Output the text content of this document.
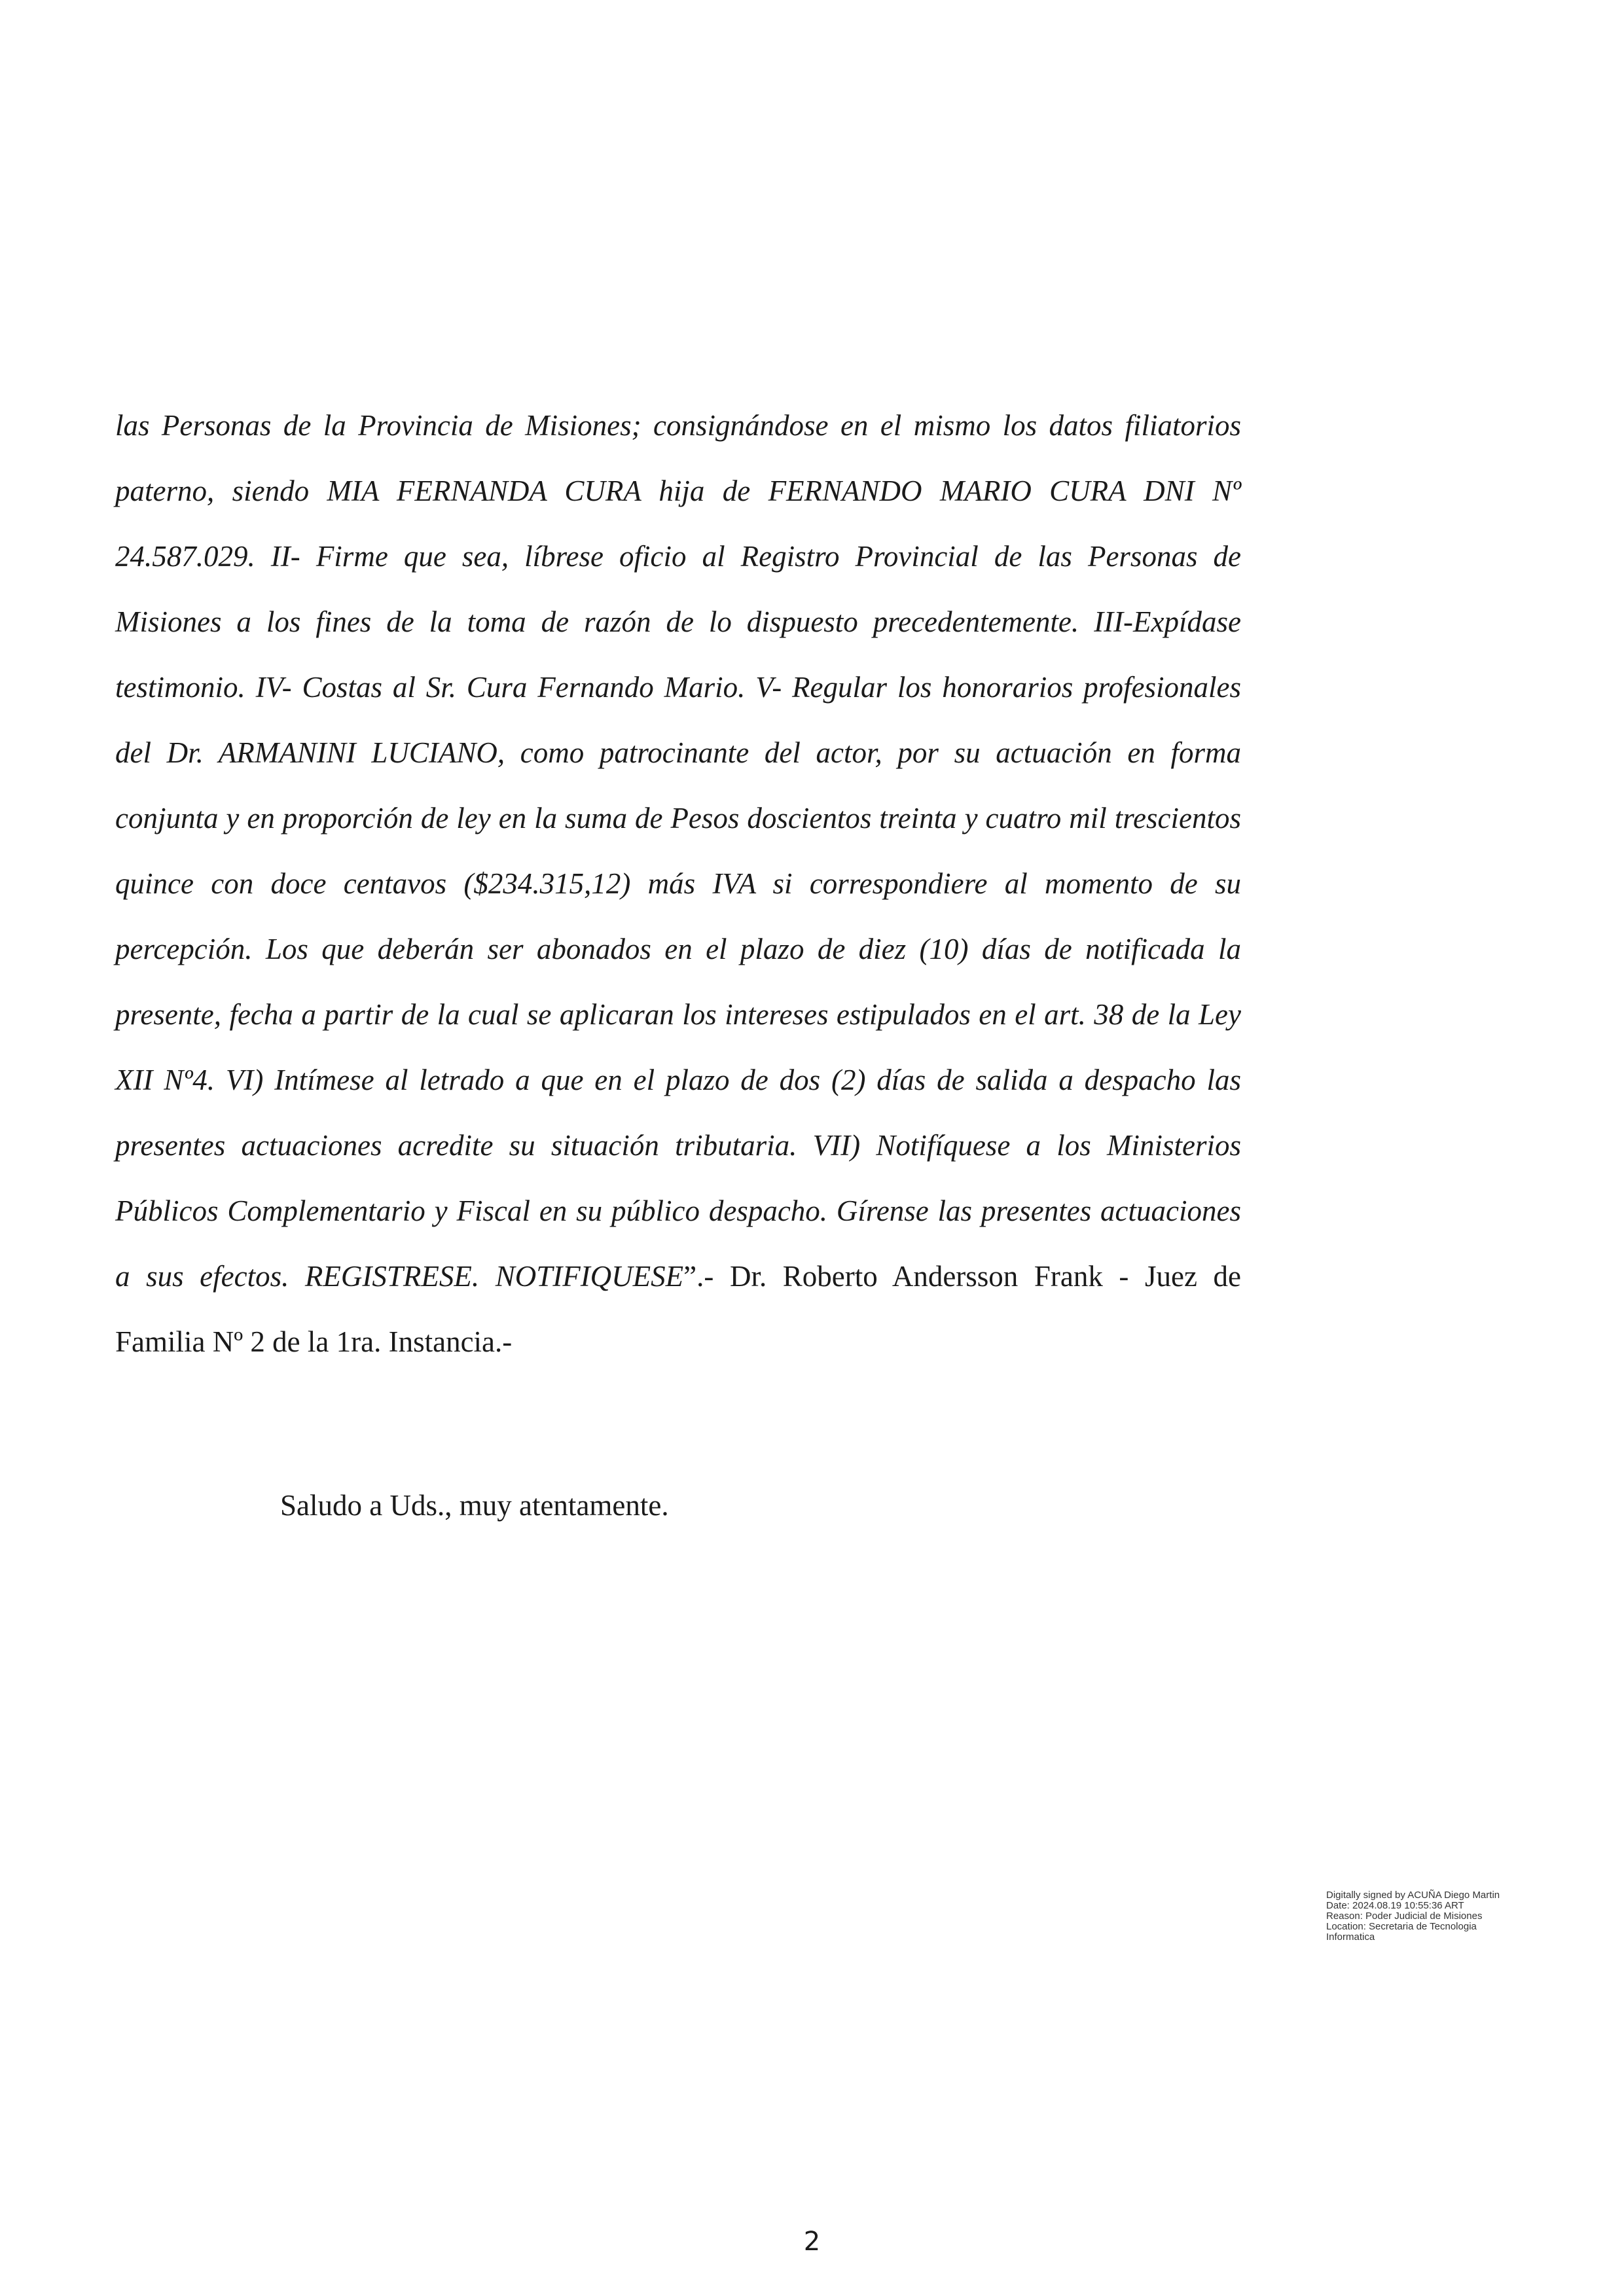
las Personas de la Provincia de Misiones; consignándose en el mismo los datos filiatorios paterno, siendo MIA FERNANDA CURA hija de FERNANDO MARIO CURA DNI Nº 24.587.029. II- Firme que sea, líbrese oficio al Registro Provincial de las Personas de Misiones a los fines de la toma de razón de lo dispuesto precedentemente. III-Expídase testimonio. IV- Costas al Sr. Cura Fernando Mario. V- Regular los honorarios profesionales del Dr. ARMANINI LUCIANO, como patrocinante del actor, por su actuación en forma conjunta y en proporción de ley en la suma de Pesos doscientos treinta y cuatro mil trescientos quince con doce centavos ($234.315,12) más IVA si correspondiere al momento de su percepción. Los que deberán ser abonados en el plazo de diez (10) días de notificada la presente, fecha a partir de la cual se aplicaran los intereses estipulados en el art. 38 de la Ley XII Nº4. VI) Intímese al letrado a que en el plazo de dos (2) días de salida a despacho las presentes actuaciones acredite su situación tributaria. VII) Notifíquese a los Ministerios Públicos Complementario y Fiscal en su público despacho. Gírense las presentes actuaciones a sus efectos. REGISTRESE. NOTIFIQUESE”.- Dr. Roberto Andersson Frank - Juez de Familia Nº 2 de la 1ra. Instancia.-

Saludo a Uds., muy atentamente.

Digitally signed by ACUÑA Diego Martin
Date: 2024.08.19 10:55:36 ART
Reason: Poder Judicial de Misiones
Location: Secretaria de Tecnologia
Informatica
2
